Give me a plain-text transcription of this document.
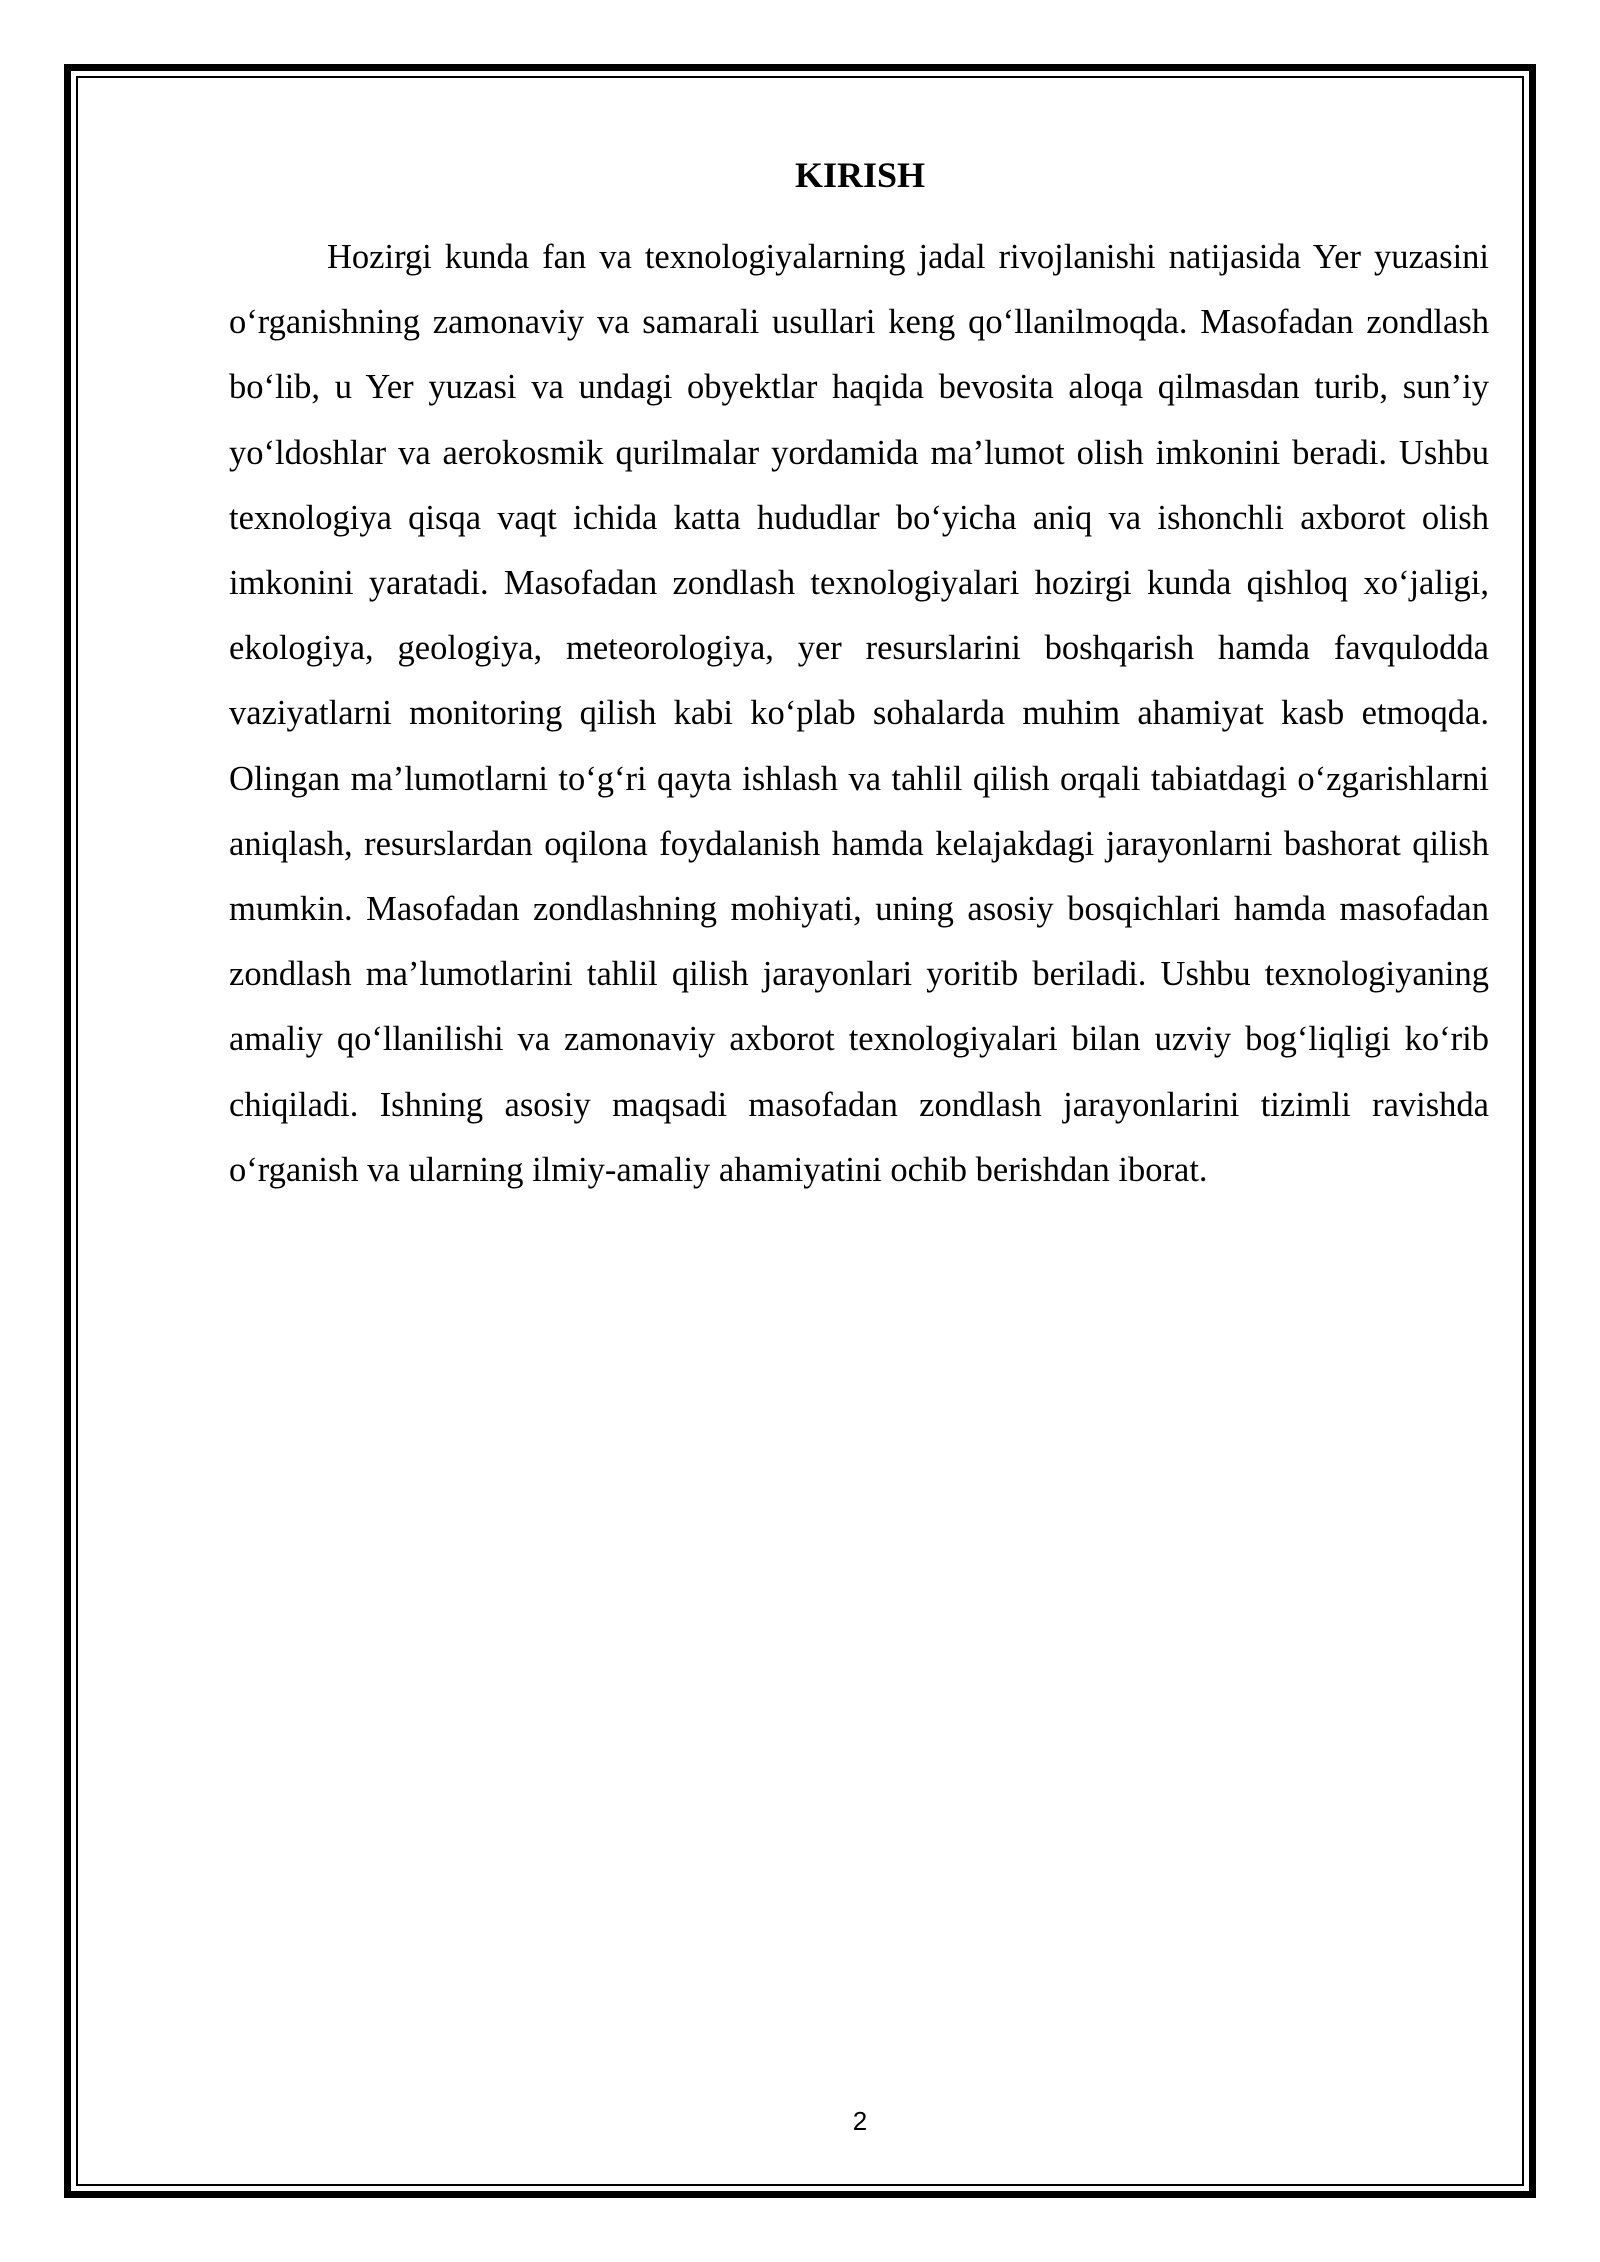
KIRISH

Hozirgi kunda fan va texnologiyalarning jadal rivojlanishi natijasida Yer yuzasini o‘rganishning zamonaviy va samarali usullari keng qo‘llanilmoqda. Masofadan zondlash bo‘lib, u Yer yuzasi va undagi obyektlar haqida bevosita aloqa qilmasdan turib, sun’iy yo‘ldoshlar va aerokosmik qurilmalar yordamida ma’lumot olish imkonini beradi. Ushbu texnologiya qisqa vaqt ichida katta hududlar bo‘yicha aniq va ishonchli axborot olish imkonini yaratadi. Masofadan zondlash texnologiyalari hozirgi kunda qishloq xo‘jaligi, ekologiya, geologiya, meteorologiya, yer resurslarini boshqarish hamda favqulodda vaziyatlarni monitoring qilish kabi ko‘plab sohalarda muhim ahamiyat kasb etmoqda. Olingan ma’lumotlarni to‘g‘ri qayta ishlash va tahlil qilish orqali tabiatdagi o‘zgarishlarni aniqlash, resurslardan oqilona foydalanish hamda kelajakdagi jarayonlarni bashorat qilish mumkin. Masofadan zondlashning mohiyati, uning asosiy bosqichlari hamda masofadan zondlash ma’lumotlarini tahlil qilish jarayonlari yoritib beriladi. Ushbu texnologiyaning amaliy qo‘llanilishi va zamonaviy axborot texnologiyalari bilan uzviy bog‘liqligi ko‘rib chiqiladi. Ishning asosiy maqsadi masofadan zondlash jarayonlarini tizimli ravishda o‘rganish va ularning ilmiy-amaliy ahamiyatini ochib berishdan iborat.

2
